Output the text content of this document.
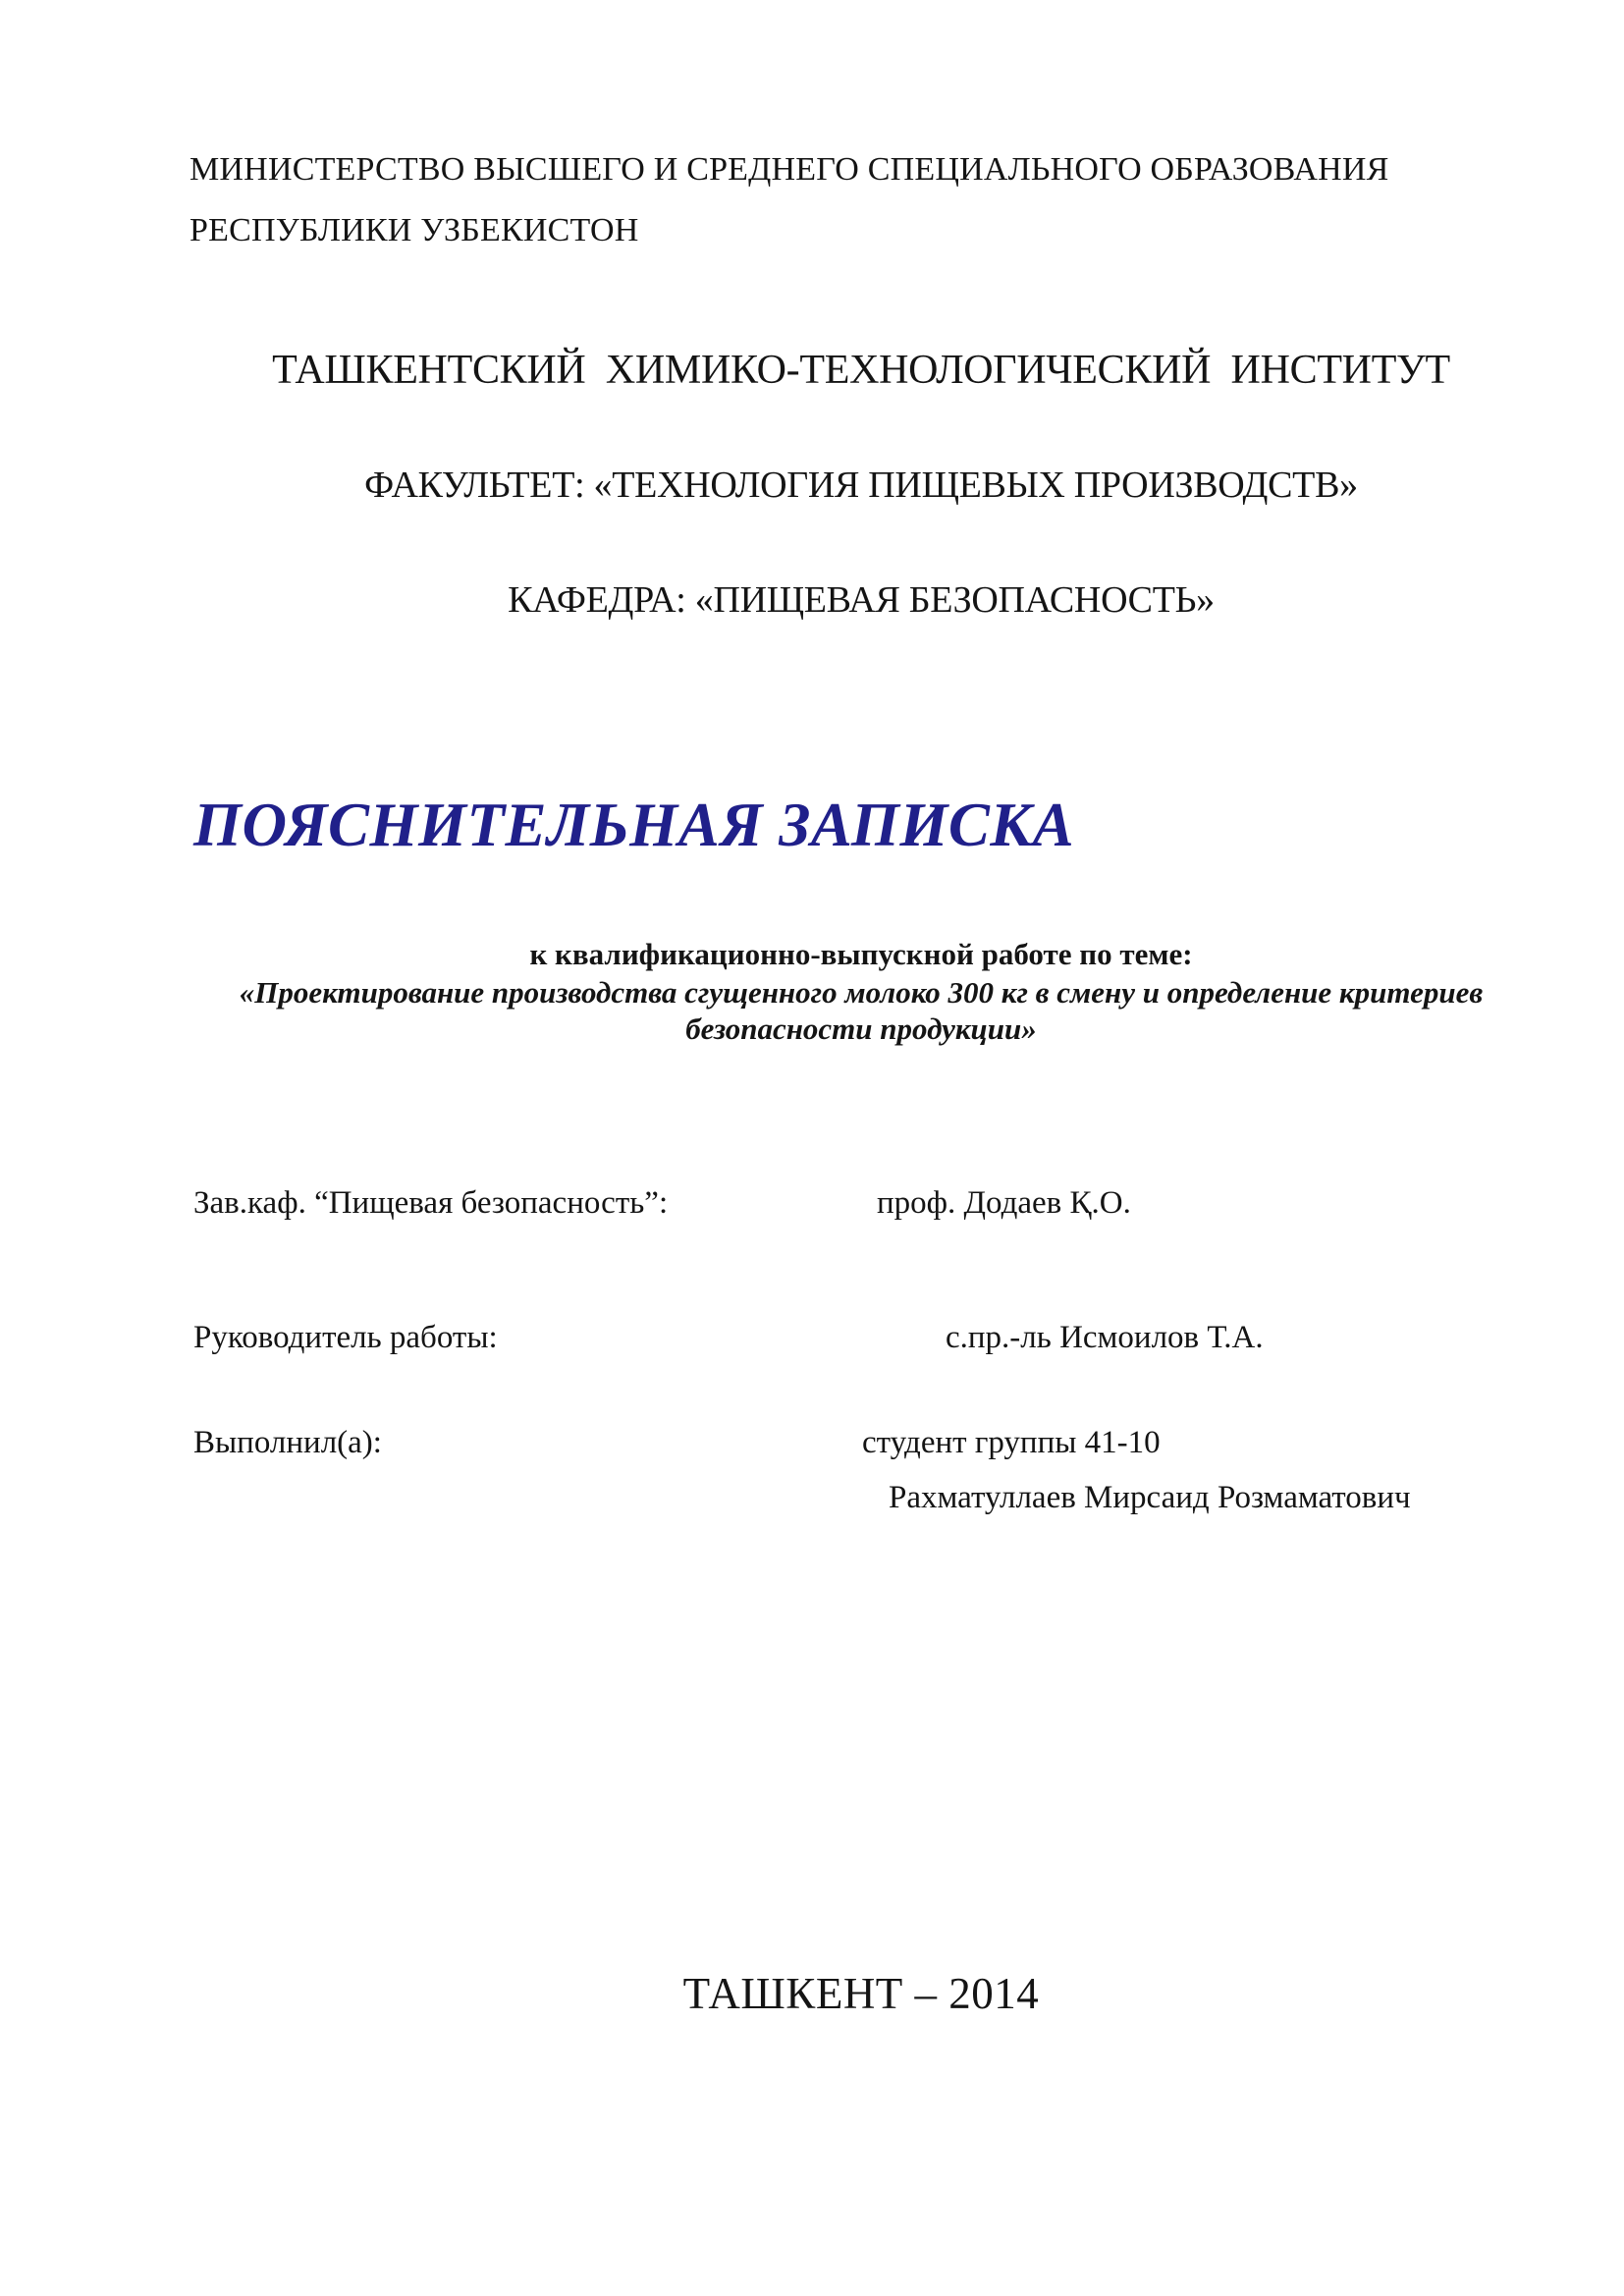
МИНИСТЕРСТВО ВЫСШЕГО И СРЕДНЕГО СПЕЦИАЛЬНОГО ОБРАЗОВАНИЯ
РЕСПУБЛИКИ УЗБЕКИСТОН
ТАШКЕНТСКИЙ  ХИМИКО-ТЕХНОЛОГИЧЕСКИЙ  ИНСТИТУТ
ФАКУЛЬТЕТ: «ТЕХНОЛОГИЯ ПИЩЕВЫХ ПРОИЗВОДСТВ»
КАФЕДРА: «ПИЩЕВАЯ БЕЗОПАСНОСТЬ»
ПОЯСНИТЕЛЬНАЯ ЗАПИСКА
к квалификационно-выпускной работе по теме:
«Проектирование производства сгущенного молоко 300 кг в смену и определение критериев безопасности продукции»
Зав.каф. “Пищевая безопасность”:	проф. Додаев Қ.О.
Руководитель работы:	с.пр.-ль Исмоилов Т.А.
Выполнил(а):	студент группы 41-10
Рахматуллаев Мирсаид Розмаматович
ТАШКЕНТ – 2014
